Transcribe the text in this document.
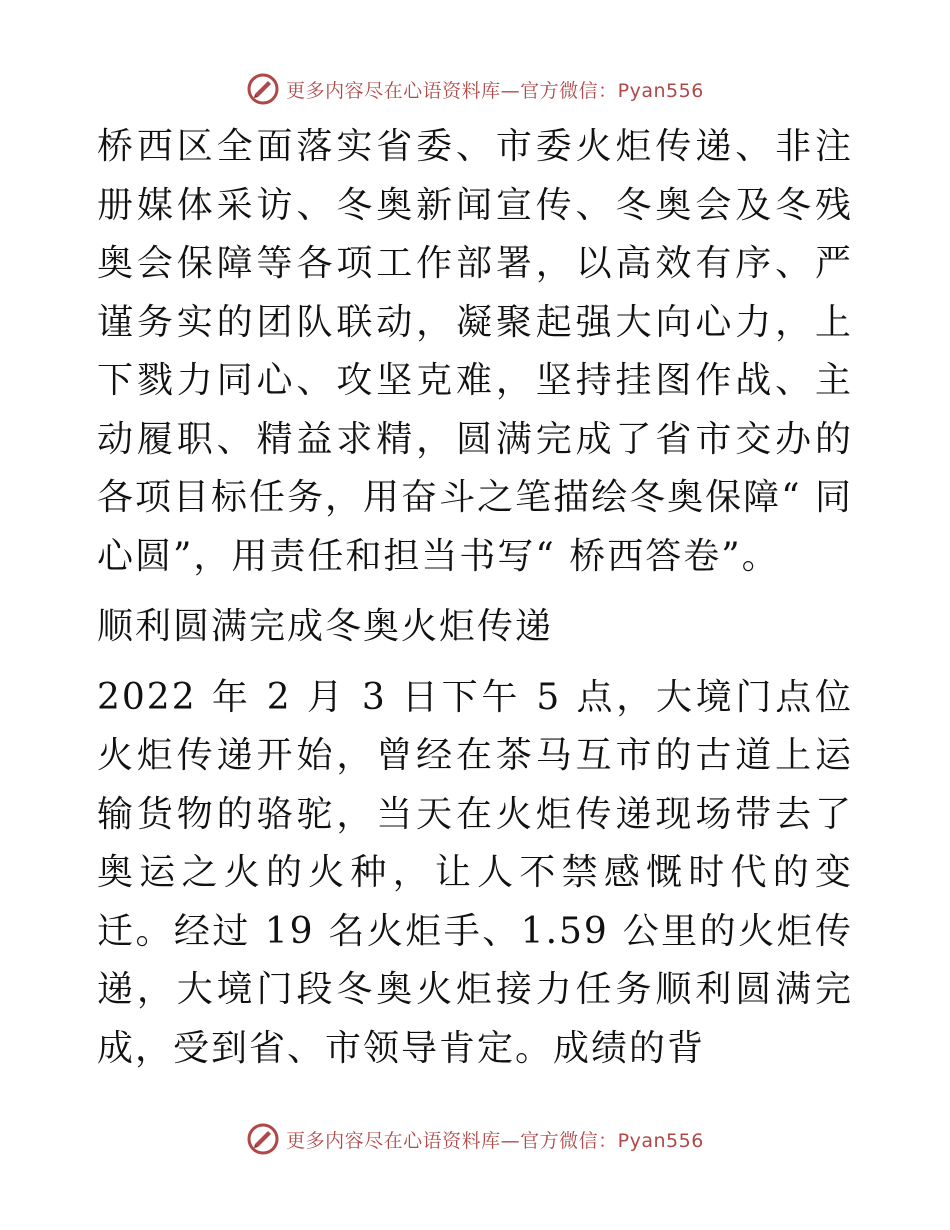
更多内容尽在心语资料库—官方微信：Pyan556

桥西区全面落实省委、市委火炬传递、非注册媒体采访、冬奥新闻宣传、冬奥会及冬残奥会保障等各项工作部署，以高效有序、严谨务实的团队联动，凝聚起强大向心力，上下戮力同心、攻坚克难，坚持挂图作战、主动履职、精益求精，圆满完成了省市交办的各项目标任务，用奋斗之笔描绘冬奥保障“ 同心圆”，用责任和担当书写“ 桥西答卷”。

顺利圆满完成冬奥火炬传递

2022 年 2 月 3 日下午 5 点，大境门点位火炬传递开始，曾经在茶马互市的古道上运输货物的骆驼，当天在火炬传递现场带去了奥运之火的火种，让人不禁感慨时代的变迁。经过 19 名火炬手、1.59 公里的火炬传递，大境门段冬奥火炬接力任务顺利圆满完成，受到省、市领导肯定。成绩的背

更多内容尽在心语资料库—官方微信：Pyan556
